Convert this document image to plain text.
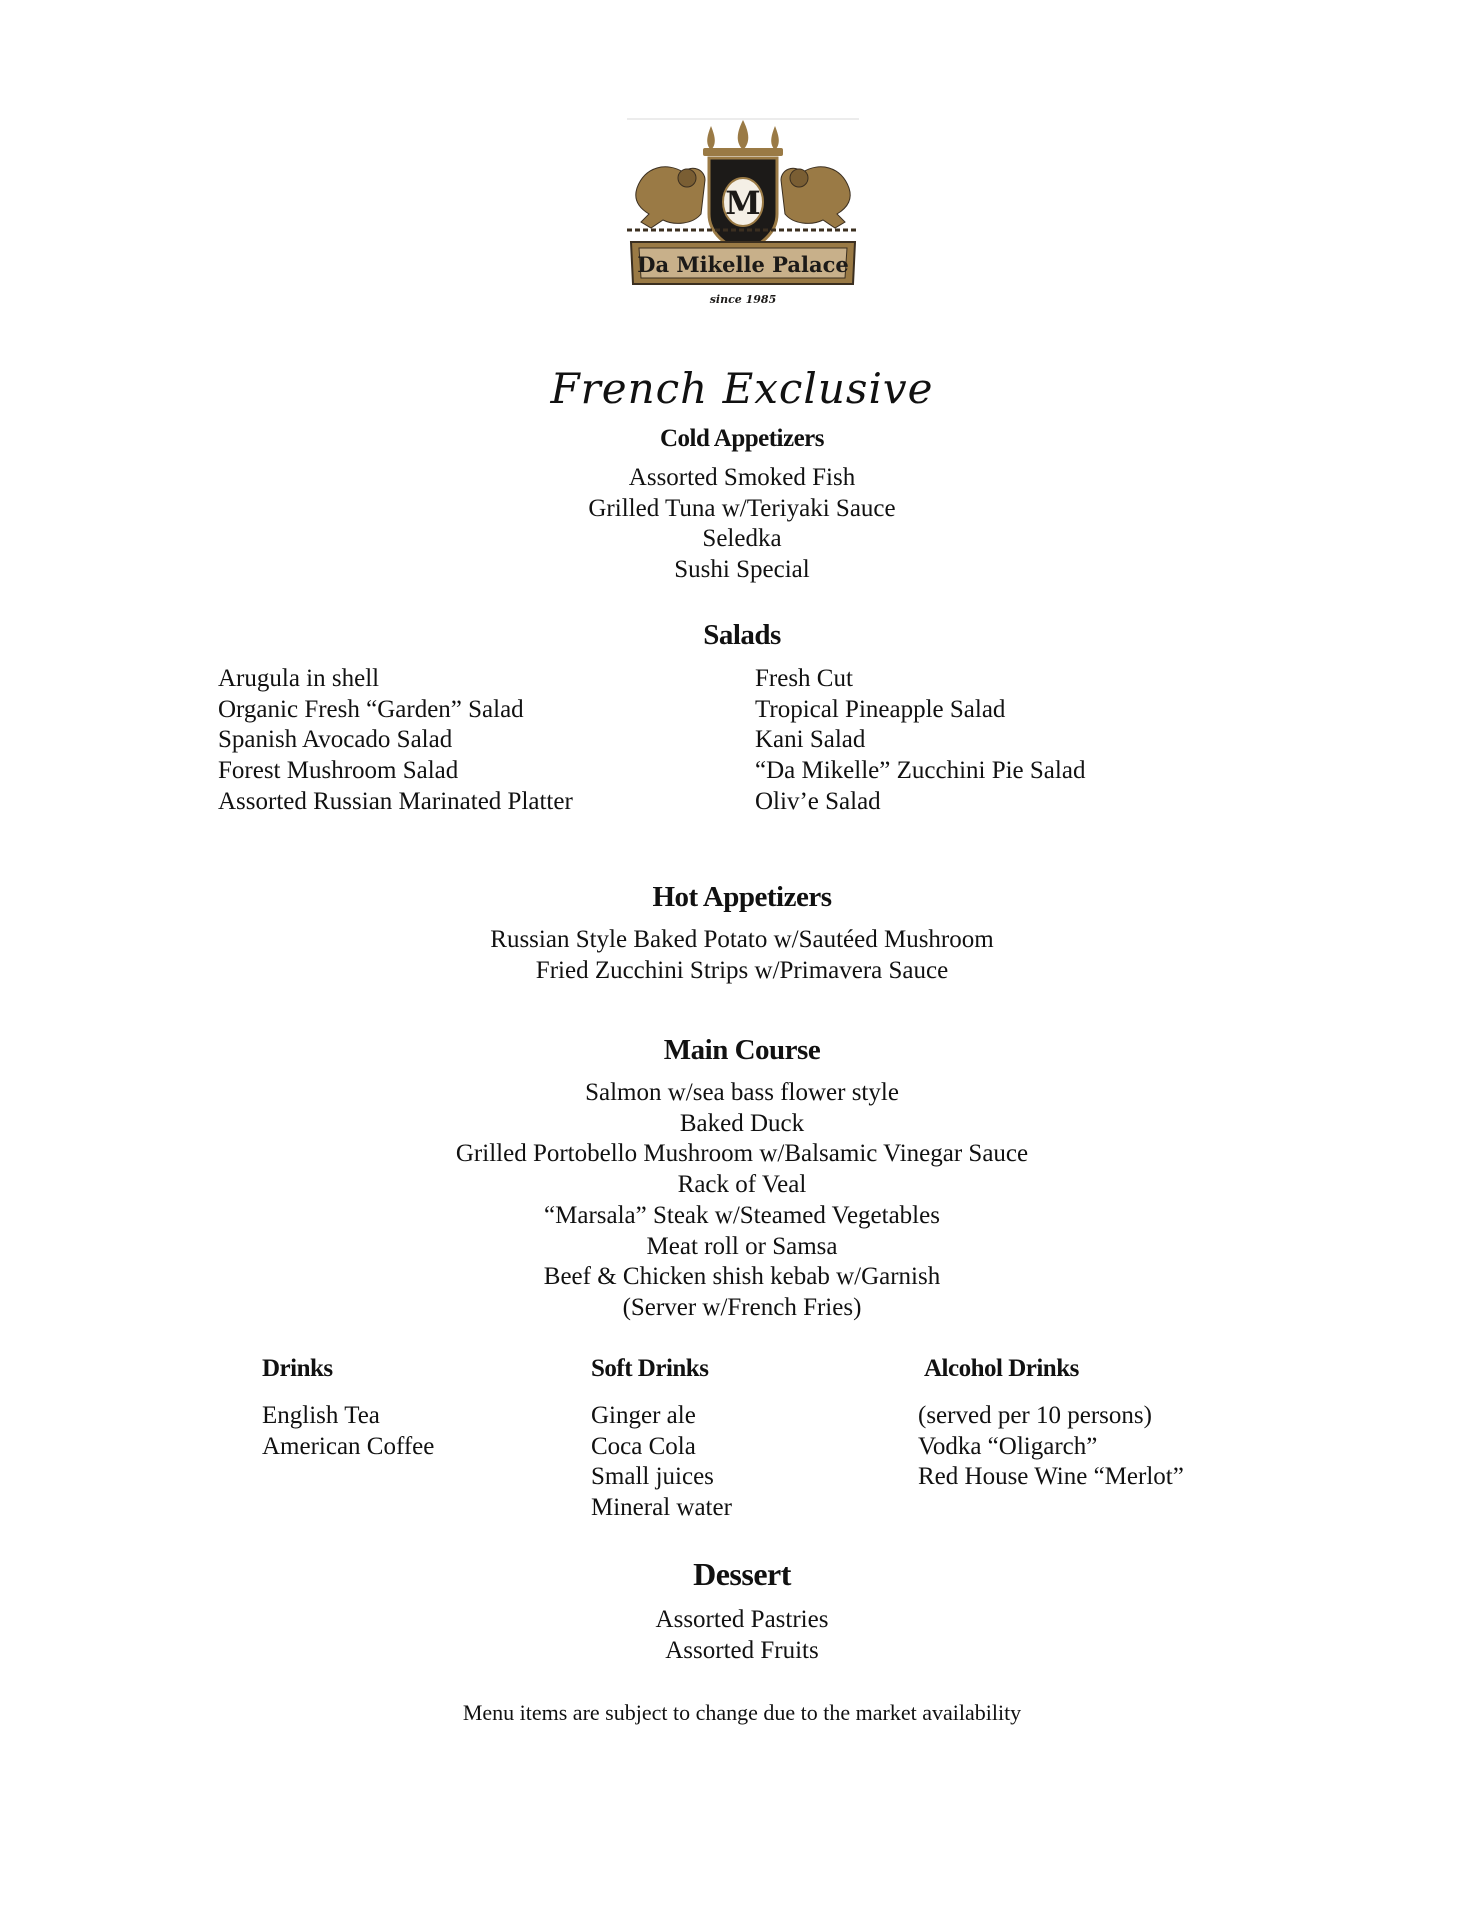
M
Da Mikelle Palace
since 1985
French Exclusive
Cold Appetizers
Assorted Smoked Fish
Grilled Tuna w/Teriyaki Sauce
Seledka
Sushi Special
Salads
Arugula in shell
Organic Fresh “Garden” Salad
Spanish Avocado Salad
Forest Mushroom Salad
Assorted Russian Marinated Platter
Fresh Cut
Tropical Pineapple Salad
Kani Salad
“Da Mikelle” Zucchini Pie Salad
Oliv’e Salad
Hot Appetizers
Russian Style Baked Potato w/Sautéed Mushroom
Fried Zucchini Strips w/Primavera Sauce
Main Course
Salmon w/sea bass flower style
Baked Duck
Grilled Portobello Mushroom w/Balsamic Vinegar Sauce
Rack of Veal
“Marsala” Steak w/Steamed Vegetables
Meat roll or Samsa
Beef & Chicken shish kebab w/Garnish
(Server w/French Fries)
Drinks
English Tea
American Coffee
Soft Drinks
Ginger ale
Coca Cola
Small juices
Mineral water
Alcohol Drinks
(served per 10 persons)
Vodka “Oligarch”
Red House Wine “Merlot”
Dessert
Assorted Pastries
Assorted Fruits
Menu items are subject to change due to the market availability
